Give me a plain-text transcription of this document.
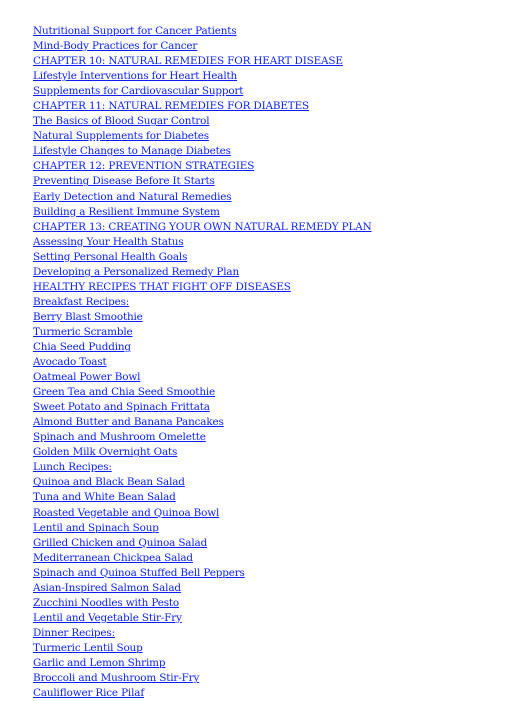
Nutritional Support for Cancer Patients
Mind-Body Practices for Cancer
CHAPTER 10: NATURAL REMEDIES FOR HEART DISEASE
Lifestyle Interventions for Heart Health
Supplements for Cardiovascular Support
CHAPTER 11: NATURAL REMEDIES FOR DIABETES
The Basics of Blood Sugar Control
Natural Supplements for Diabetes
Lifestyle Changes to Manage Diabetes
CHAPTER 12: PREVENTION STRATEGIES
Preventing Disease Before It Starts
Early Detection and Natural Remedies
Building a Resilient Immune System
CHAPTER 13: CREATING YOUR OWN NATURAL REMEDY PLAN
Assessing Your Health Status
Setting Personal Health Goals
Developing a Personalized Remedy Plan
HEALTHY RECIPES THAT FIGHT OFF DISEASES
Breakfast Recipes:
Berry Blast Smoothie
Turmeric Scramble
Chia Seed Pudding
Avocado Toast
Oatmeal Power Bowl
Green Tea and Chia Seed Smoothie
Sweet Potato and Spinach Frittata
Almond Butter and Banana Pancakes
Spinach and Mushroom Omelette
Golden Milk Overnight Oats
Lunch Recipes:
Quinoa and Black Bean Salad
Tuna and White Bean Salad
Roasted Vegetable and Quinoa Bowl
Lentil and Spinach Soup
Grilled Chicken and Quinoa Salad
Mediterranean Chickpea Salad
Spinach and Quinoa Stuffed Bell Peppers
Asian-Inspired Salmon Salad
Zucchini Noodles with Pesto
Lentil and Vegetable Stir-Fry
Dinner Recipes:
Turmeric Lentil Soup
Garlic and Lemon Shrimp
Broccoli and Mushroom Stir-Fry
Cauliflower Rice Pilaf
